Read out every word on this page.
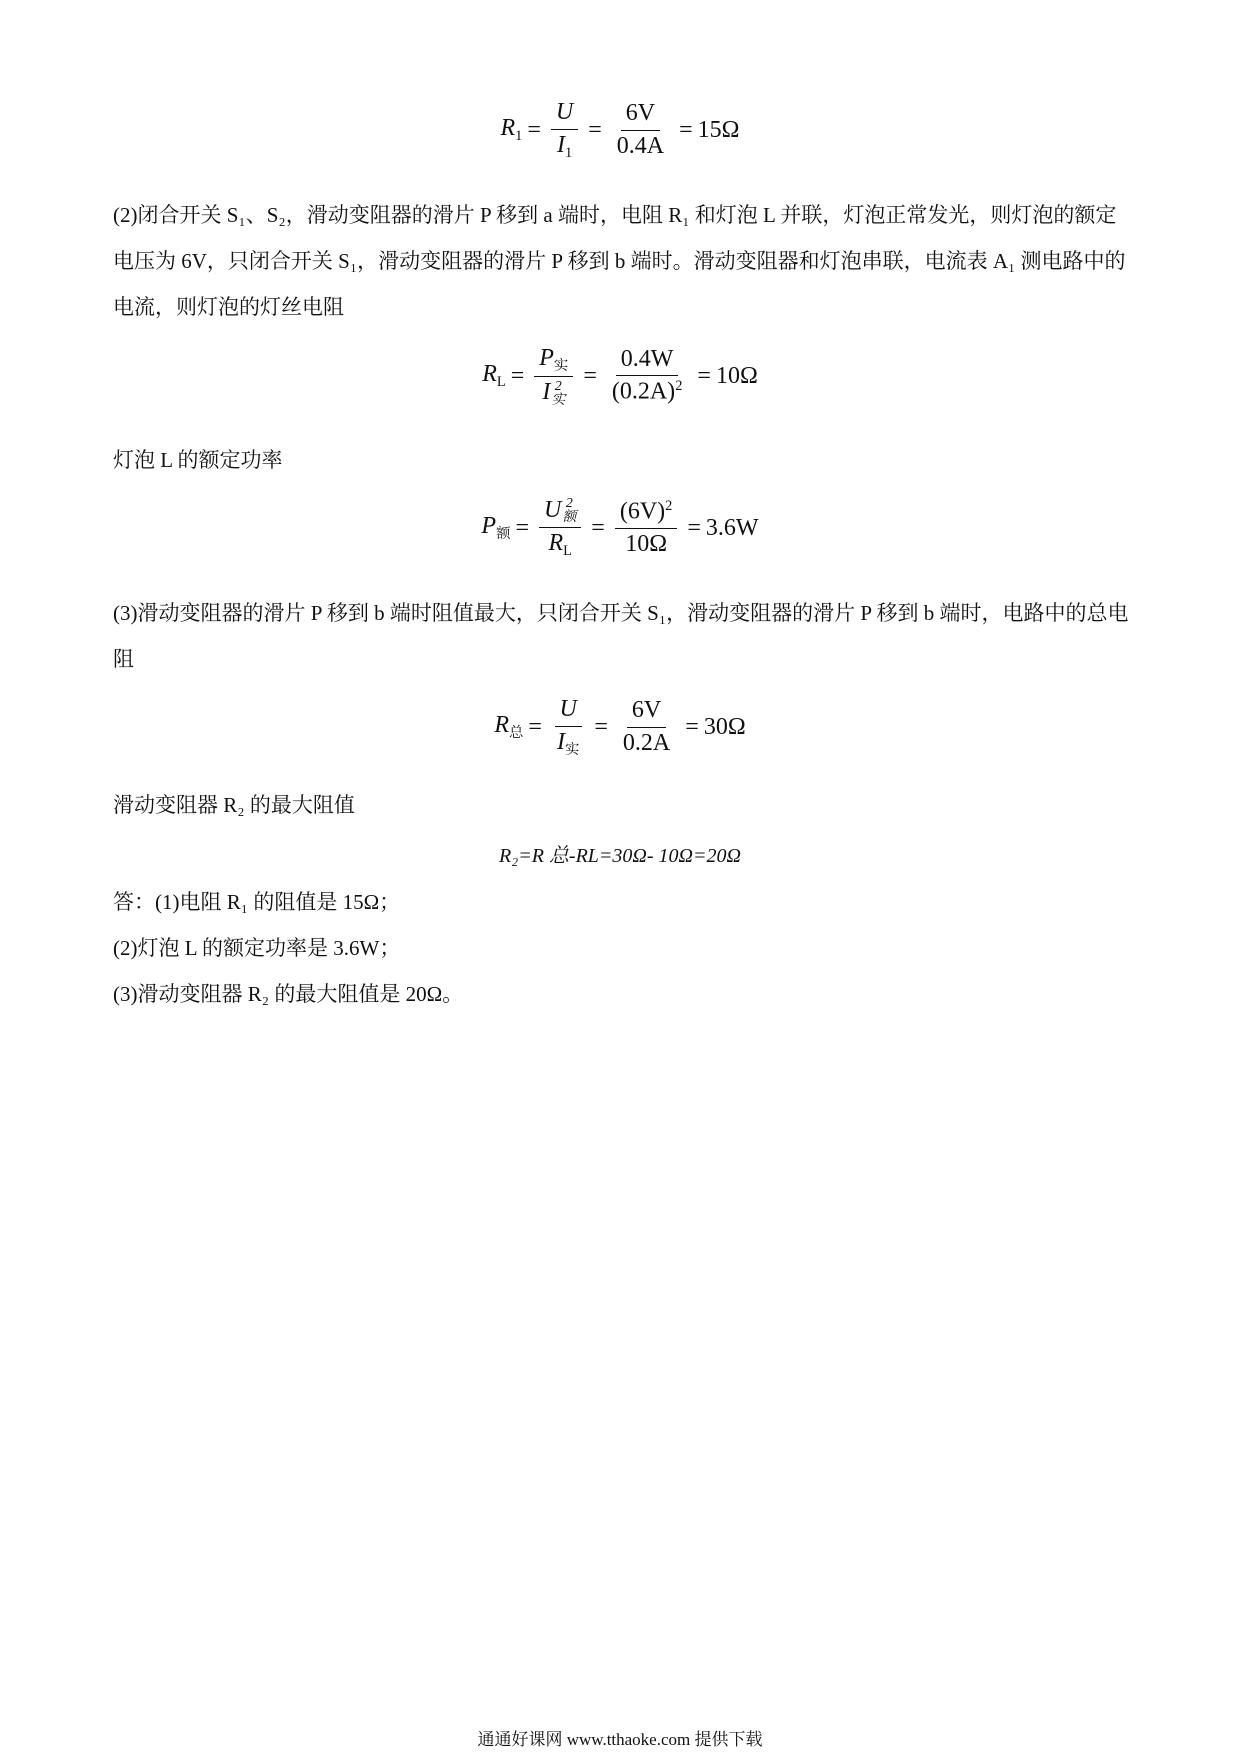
$R_1 = \frac{U}{I_1} = \frac{6V}{0.4A} = 15\Omega$

(2)闭合开关 S₁、S₂，滑动变阻器的滑片 P 移到 a 端时，电阻 R₁ 和灯泡 L 并联，灯泡正常发光，则灯泡的额定电压为 6V，只闭合开关 S₁，滑动变阻器的滑片 P 移到 b 端时。滑动变阻器和灯泡串联，电流表 A₁ 测电路中的电流，则灯泡的灯丝电阻

$R_L = P_实$
I 2
实 = $\frac{0.4W}{(0.2A)^2} = 10\Omega$
灯泡 L 的额定功率
$P_额 = U$ 2
额
$R_L = \frac{(6V)^2}{10\Omega} = 3.6W$

(3)滑动变阻器的滑片 P 移到 b 端时阻值最大，只闭合开关 S₁，滑动变阻器的滑片 P 移到 b 端时，电路中的总电阻

$R_总 = \frac{U}{I_实} = \frac{6V}{0.2A} = 30\Omega$
滑动变阻器 R₂ 的最大阻值
R₂=R 总-RL=30Ω- 10Ω=20Ω
答：(1)电阻 R₁ 的阻值是 15Ω；
(2)灯泡 L 的额定功率是 3.6W；
(3)滑动变阻器 R₂ 的最大阻值是 20Ω。
通通好课网 www.tthaoke.com 提供下载
